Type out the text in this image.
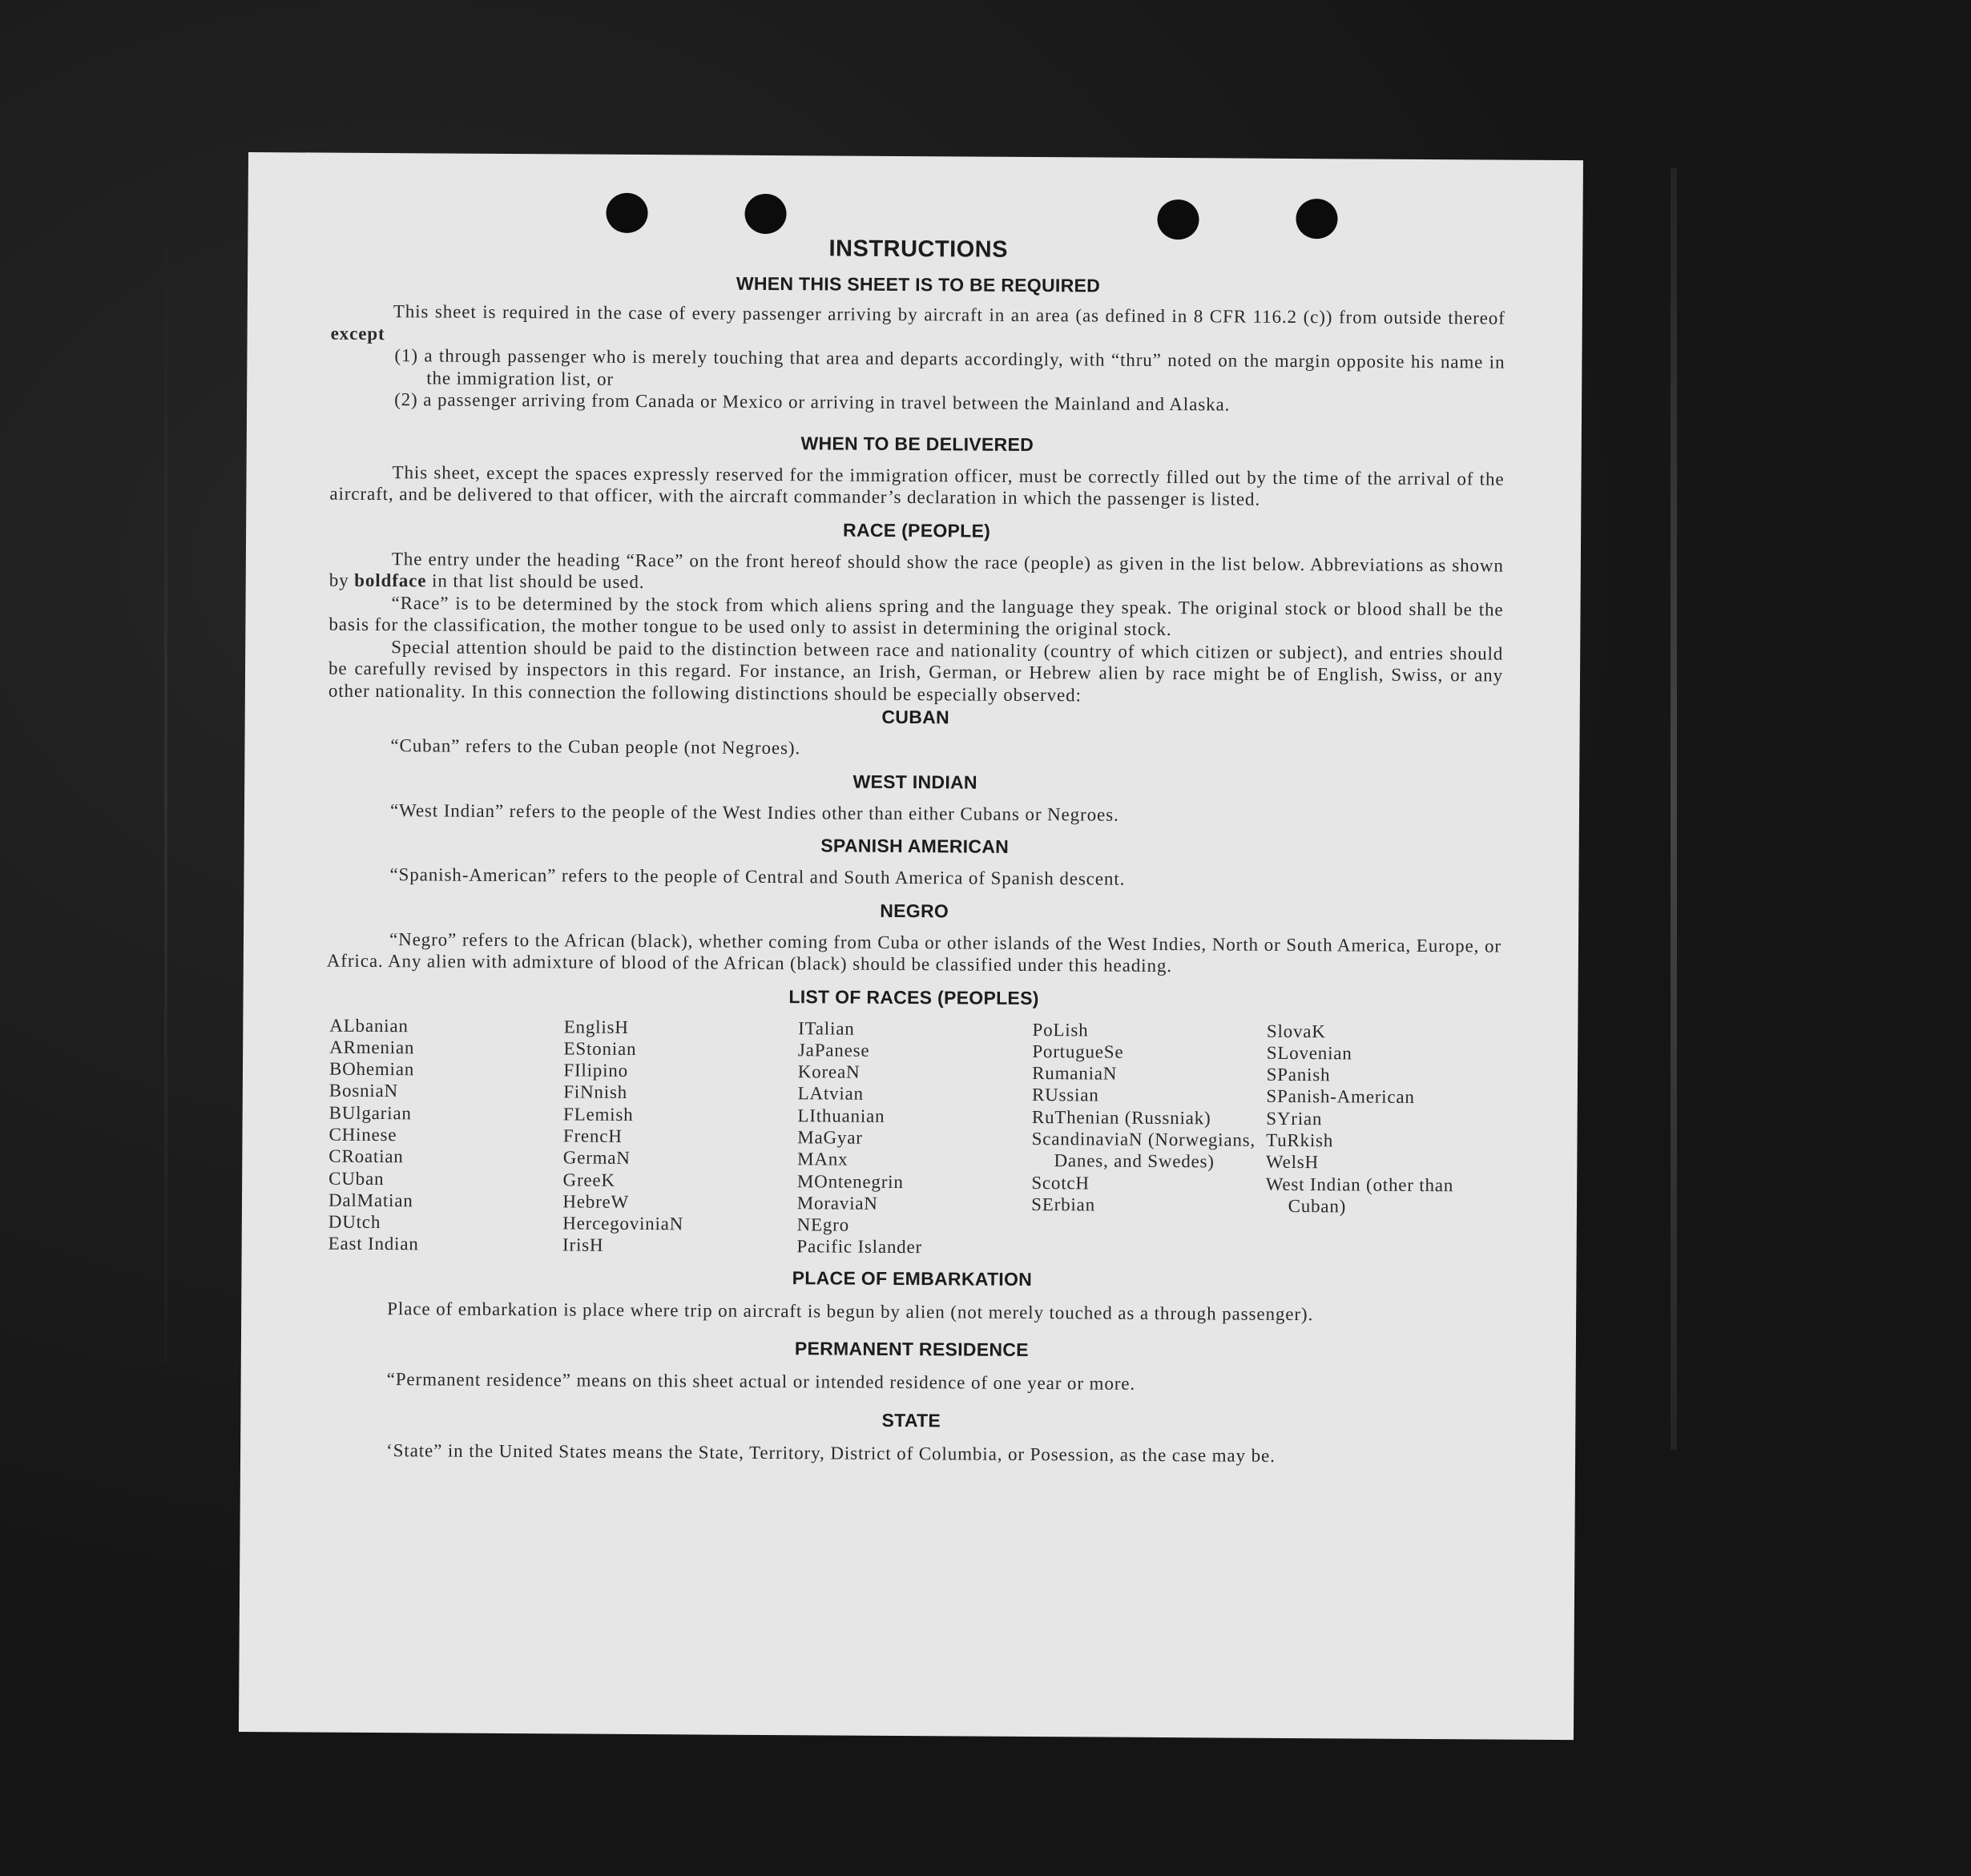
INSTRUCTIONS
WHEN THIS SHEET IS TO BE REQUIRED

This sheet is required in the case of every passenger arriving by aircraft in an area (as defined in 8 CFR 116.2 (c)) from outside thereof except

(1) a through passenger who is merely touching that area and departs accordingly, with “thru” noted on the margin opposite his name in the immigration list, or

(2) a passenger arriving from Canada or Mexico or arriving in travel between the Mainland and Alaska.

WHEN TO BE DELIVERED

This sheet, except the spaces expressly reserved for the immigration officer, must be correctly filled out by the time of the arrival of the aircraft, and be delivered to that officer, with the aircraft commander’s declaration in which the passenger is listed.

RACE (PEOPLE)

The entry under the heading “Race” on the front hereof should show the race (people) as given in the list below. Abbreviations as shown by boldface in that list should be used.

“Race” is to be determined by the stock from which aliens spring and the language they speak. The original stock or blood shall be the basis for the classification, the mother tongue to be used only to assist in determining the original stock.

Special attention should be paid to the distinction between race and nationality (country of which citizen or subject), and entries should be carefully revised by inspectors in this regard. For instance, an Irish, German, or Hebrew alien by race might be of English, Swiss, or any other nationality. In this connection the following distinctions should be especially observed:

CUBAN

“Cuban” refers to the Cuban people (not Negroes).

WEST INDIAN

“West Indian” refers to the people of the West Indies other than either Cubans or Negroes.

SPANISH AMERICAN

“Spanish-American” refers to the people of Central and South America of Spanish descent.

NEGRO

“Negro” refers to the African (black), whether coming from Cuba or other islands of the West Indies, North or South America, Europe, or Africa. Any alien with admixture of blood of the African (black) should be classified under this heading.

LIST OF RACES (PEOPLES)
ALbanian
ARmenian
BOhemian
BosniaN
BUlgarian
CHinese
CRoatian
CUban
DalMatian
DUtch
East Indian
EnglisH
EStonian
FIlipino
FiNnish
FLemish
FrencH
GermaN
GreeK
HebreW
HercegoviniaN
IrisH
ITalian
JaPanese
KoreaN
LAtvian
LIthuanian
MaGyar
MAnx
MOntenegrin
MoraviaN
NEgro
Pacific Islander
PoLish
PortugueSe
RumaniaN
RUssian
RuThenian (Russniak)
ScandinaviaN (Norwegians, Danes, and Swedes)
ScotcH
SErbian
SlovaK
SLovenian
SPanish
SPanish-American
SYrian
TuRkish
WelsH
West Indian (other than Cuban)
PLACE OF EMBARKATION

Place of embarkation is place where trip on aircraft is begun by alien (not merely touched as a through passenger).

PERMANENT RESIDENCE

“Permanent residence” means on this sheet actual or intended residence of one year or more.

STATE

‘State” in the United States means the State, Territory, District of Columbia, or Posession, as the case may be.
